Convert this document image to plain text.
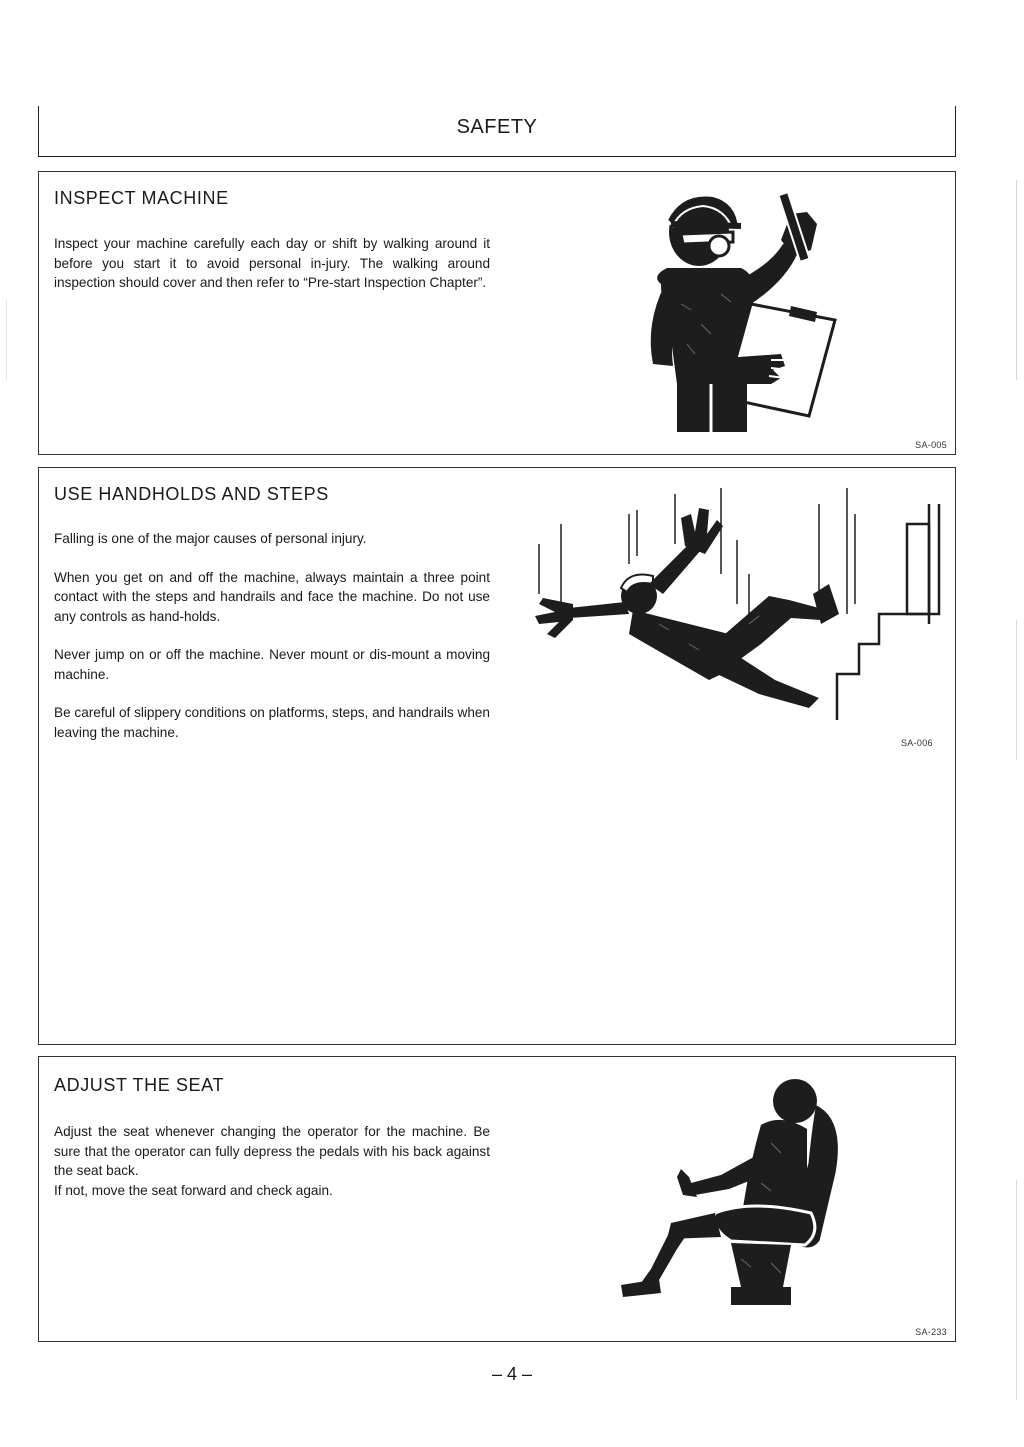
SAFETY
INSPECT MACHINE

Inspect your machine carefully each day or shift by walking around it before you start it to avoid personal in-jury. The walking around inspection should cover and then refer to “Pre-start Inspection Chapter”.

SA-005
USE HANDHOLDS AND STEPS

Falling is one of the major causes of personal injury.

When you get on and off the machine, always maintain a three point contact with the steps and handrails and face the machine. Do not use any controls as hand-holds.

Never jump on or off the machine. Never mount or dis-mount a moving machine.

Be careful of slippery conditions on platforms, steps, and handrails when leaving the machine.

SA-006
ADJUST THE SEAT

Adjust the seat whenever changing the operator for the machine. Be sure that the operator can fully depress the pedals with his back against the seat back.

If not, move the seat forward and check again.

SA-233
– 4 –
